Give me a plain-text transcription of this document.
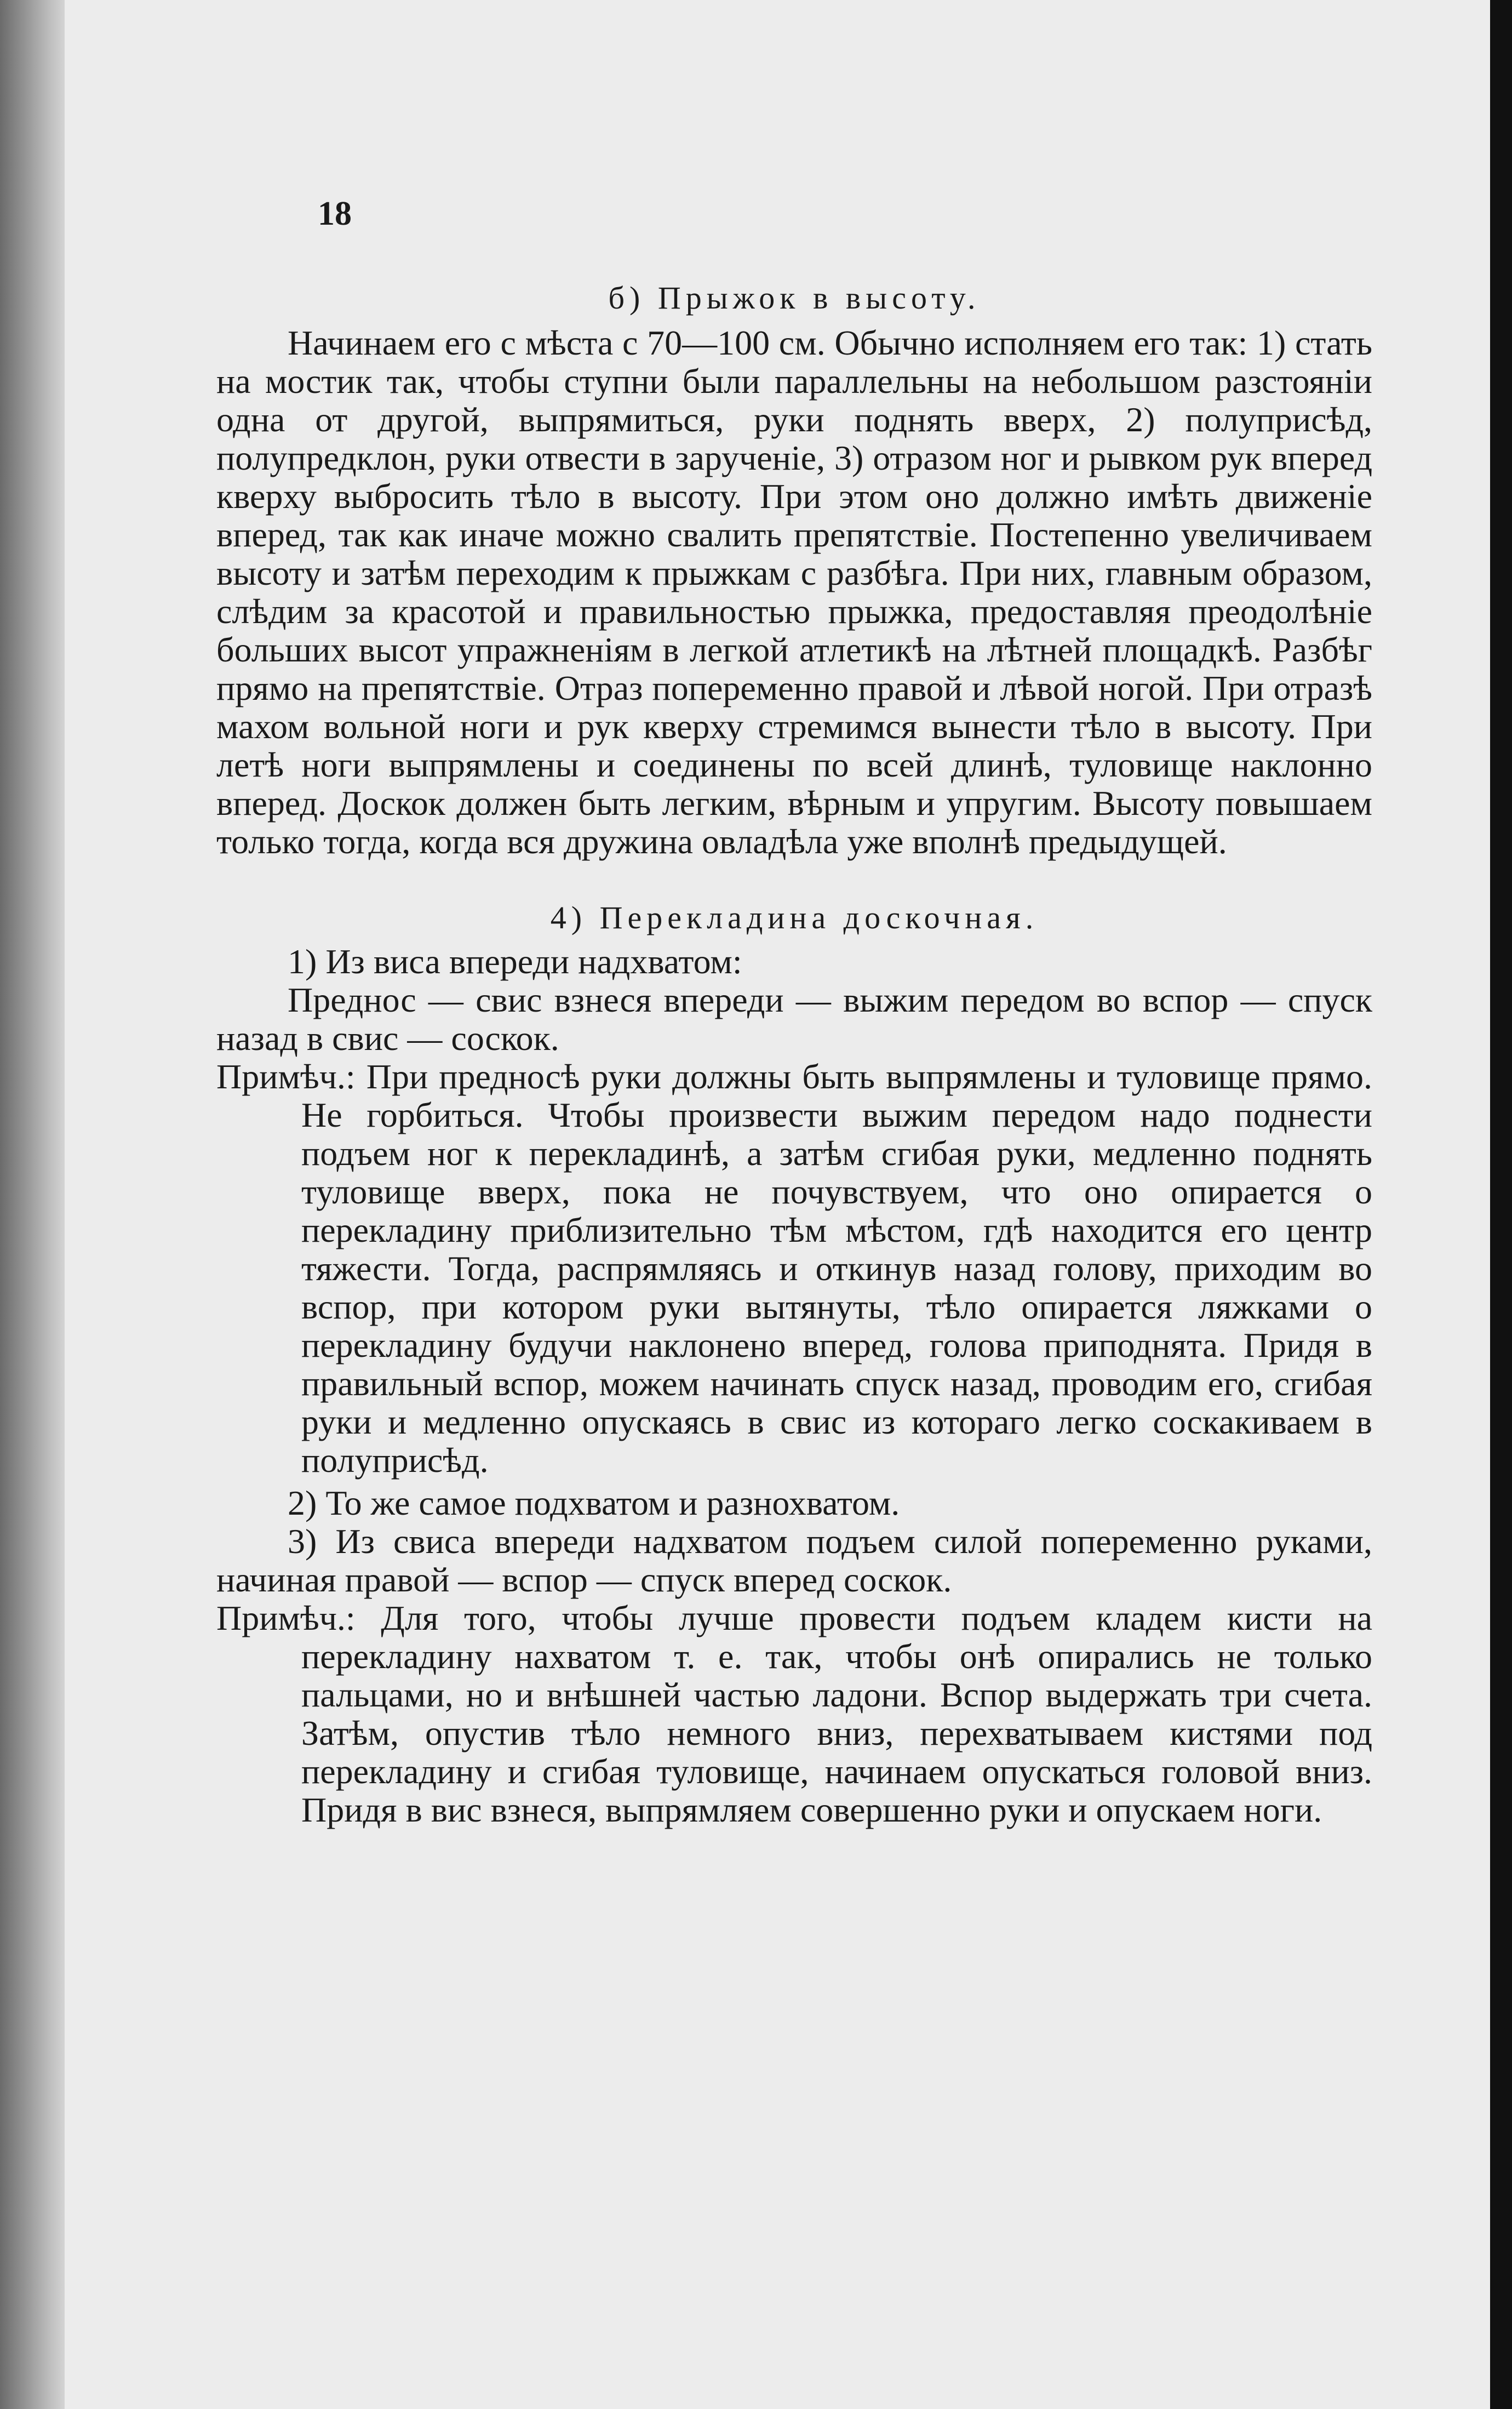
18

б) Прыжок в высоту.

Начинаем его с мѣста с 70—100 см. Обычно исполняем его так: 1) стать на мостик так, чтобы ступни были параллельны на небольшом разстояніи одна от другой, выпрямиться, руки поднять вверх, 2) полуприсѣд, полупредклон, руки отвести в зарученіе, 3) отразом ног и рывком рук вперед кверху выбросить тѣло в высоту. При этом оно должно имѣть движеніе вперед, так как иначе можно свалить препятствіе. Постепенно увеличиваем высоту и затѣм переходим к прыжкам с разбѣга. При них, главным образом, слѣдим за красотой и правильностью прыжка, предоставляя преодолѣніе больших высот упражненіям в легкой атлетикѣ на лѣтней площадкѣ. Разбѣг прямо на препятствіе. Отраз попеременно правой и лѣвой ногой. При отразѣ махом вольной ноги и рук кверху стремимся вынести тѣло в высоту. При летѣ ноги выпрямлены и соединены по всей длинѣ, туловище наклонно вперед. Доскок должен быть легким, вѣрным и упругим. Высоту повышаем только тогда, когда вся дружина овладѣла уже вполнѣ предыдущей.

4) Перекладина доскочная.

1) Из виса впереди надхватом:

Преднос — свис взнеся впереди — выжим передом во вспор — спуск назад в свис — соскок.

Примѣч.: При предносѣ руки должны быть выпрямлены и туловище прямо. Не горбиться. Чтобы произвести выжим передом надо поднести подъем ног к перекладинѣ, а затѣм сгибая руки, медленно поднять туловище вверх, пока не почувствуем, что оно опирается о перекладину приблизительно тѣм мѣстом, гдѣ находится его центр тяжести. Тогда, распрямляясь и откинув назад голову, приходим во вспор, при котором руки вытянуты, тѣло опирается ляжками о перекладину будучи наклонено вперед, голова приподнята. Придя в правильный вспор, можем начинать спуск назад, проводим его, сгибая руки и медленно опускаясь в свис из котораго легко соскакиваем в полуприсѣд.

2) То же самое подхватом и разнохватом.

3) Из свиса впереди надхватом подъем силой попеременно руками, начиная правой — вспор — спуск вперед соскок.

Примѣч.: Для того, чтобы лучше провести подъем кладем кисти на перекладину нахватом т. е. так, чтобы онѣ опирались не только пальцами, но и внѣшней частью ладони. Вспор выдержать три счета. Затѣм, опустив тѣло немного вниз, перехватываем кистями под перекладину и сгибая туловище, начинаем опускаться головой вниз. Придя в вис взнеся, выпрямляем совершенно руки и опускаем ноги.
